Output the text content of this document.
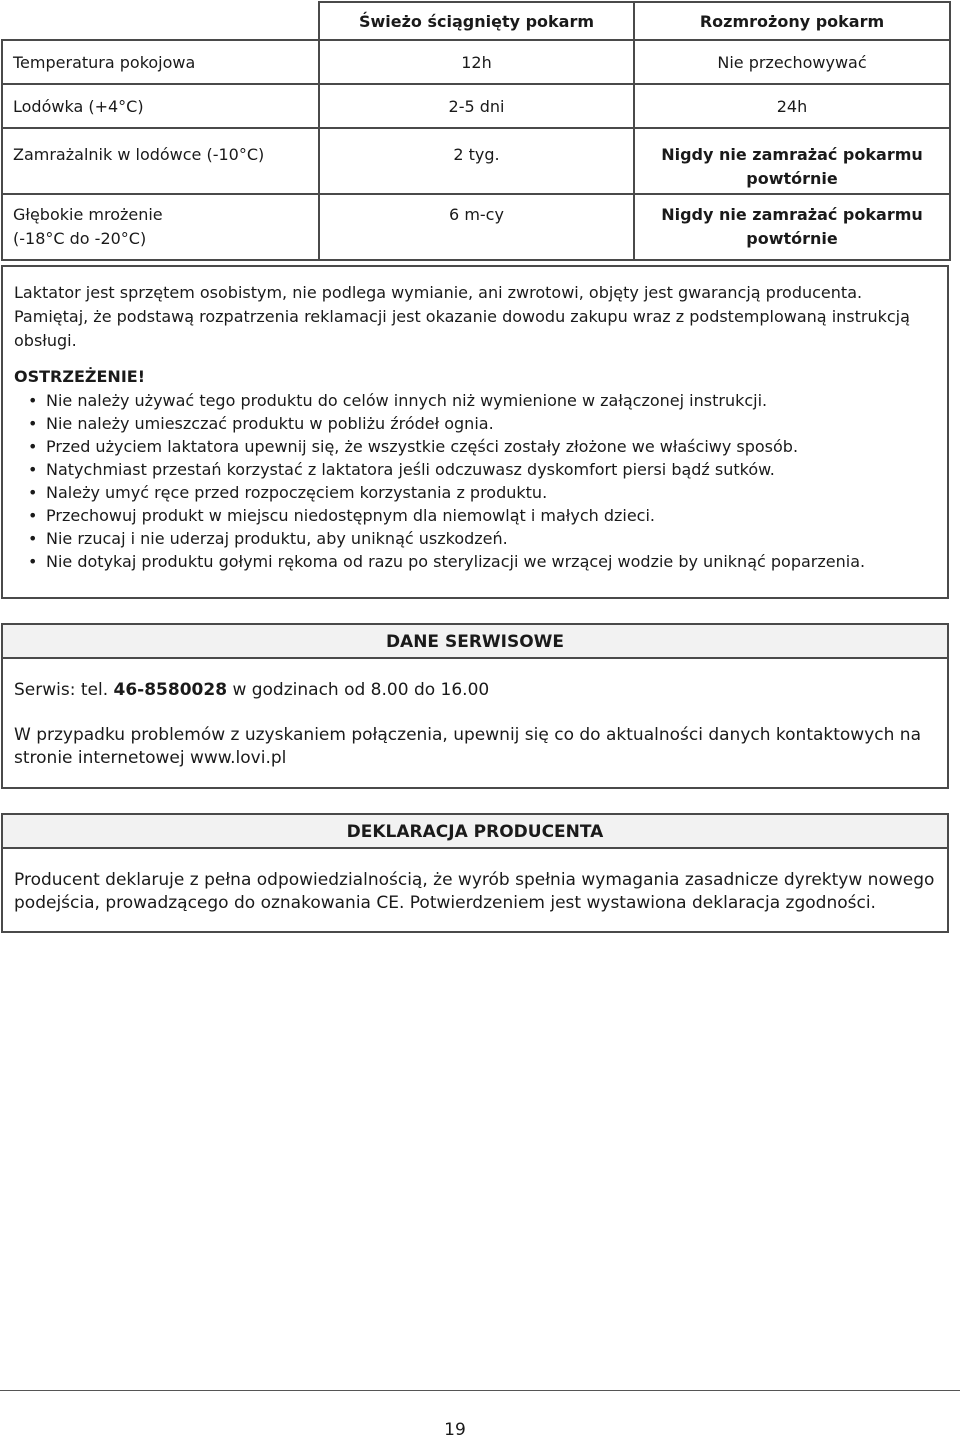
	Świeżo ściągnięty pokarm	Rozmrożony pokarm
Temperatura pokojowa	12h	Nie przechowywać
Lodówka (+4°C)	2-5 dni	24h
Zamrażalnik w lodówce (-10°C)	2 tyg.	Nigdy nie zamrażać pokarmu powtórnie

Głębokie mrożenie (-18°C do -20°C)	6 m-cy	Nigdy nie zamrażać pokarmu powtórnie

Laktator jest sprzętem osobistym, nie podlega wymianie, ani zwrotowi, objęty jest gwarancją producenta. Pamiętaj, że podstawą rozpatrzenia reklamacji jest okazanie dowodu zakupu wraz z podstemplowaną instrukcją obsługi.

OSTRZEŻENIE!

• Nie należy używać tego produktu do celów innych niż wymienione w załączonej instrukcji.
• Nie należy umieszczać produktu w pobliżu źródeł ognia.
• Przed użyciem laktatora upewnij się, że wszystkie części zostały złożone we właściwy sposób.
• Natychmiast przestań korzystać z laktatora jeśli odczuwasz dyskomfort piersi bądź sutków.
• Należy umyć ręce przed rozpoczęciem korzystania z produktu.
• Przechowuj produkt w miejscu niedostępnym dla niemowląt i małych dzieci.
• Nie rzucaj i nie uderzaj produktu, aby uniknąć uszkodzeń.
• Nie dotykaj produktu gołymi rękoma od razu po sterylizacji we wrzącej wodzie by uniknąć poparzenia.
DANE SERWISOWE

Serwis: tel. 46-8580028 w godzinach od 8.00 do 16.00

W przypadku problemów z uzyskaniem połączenia, upewnij się co do aktualności danych kontaktowych na stronie internetowej www.lovi.pl

DEKLARACJA PRODUCENTA

Producent deklaruje z pełna odpowiedzialnością, że wyrób spełnia wymagania zasadnicze dyrektyw nowego podejścia, prowadzącego do oznakowania CE. Potwierdzeniem jest wystawiona deklaracja zgodności.

19
